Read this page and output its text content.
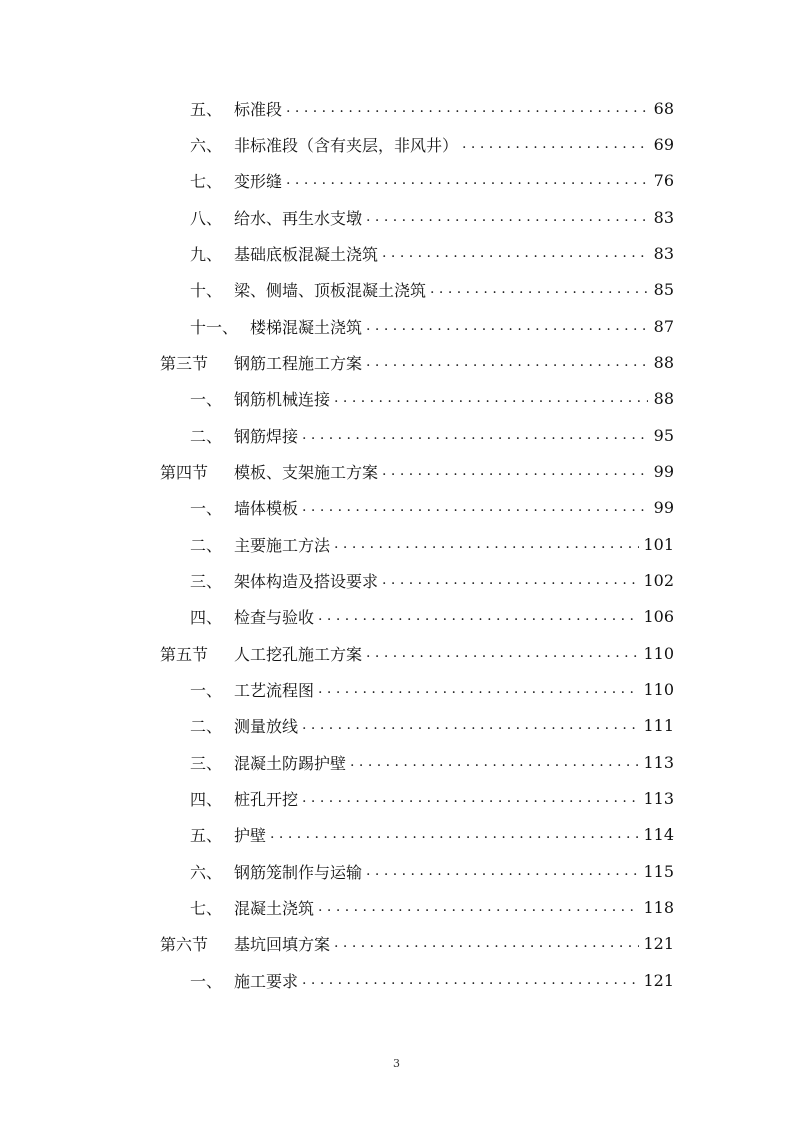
五、 标准段 . . .	68
六、 非标准段（含有夹层，非风井） . . .	69
七、 变形缝 . . .	76
八、 给水、再生水支墩 . . .	83
九、 基础底板混凝土浇筑 . . .	83
十、 梁、侧墙、顶板混凝土浇筑 . . .	85
十一、 楼梯混凝土浇筑 . . .	87
第三节	钢筋工程施工方案 . . .	88
一、 钢筋机械连接 . . .	88
二、 钢筋焊接 . . .	95
第四节	模板、支架施工方案 . . .	99
一、 墙体模板 . . .	99
二、 主要施工方法 . . .	101
三、 架体构造及搭设要求 . . .	102
四、 检查与验收 . . .	106
第五节	人工挖孔施工方案 . . .	110
一、 工艺流程图 . . .	110
二、 测量放线 . . .	111
三、 混凝土防踢护壁 . . .	113
四、 桩孔开挖 . . .	113
五、 护壁 . . .	114
六、 钢筋笼制作与运输 . . .	115
七、 混凝土浇筑 . . .	118
第六节	基坑回填方案 . . .	121
一、 施工要求 . . .	121
3
